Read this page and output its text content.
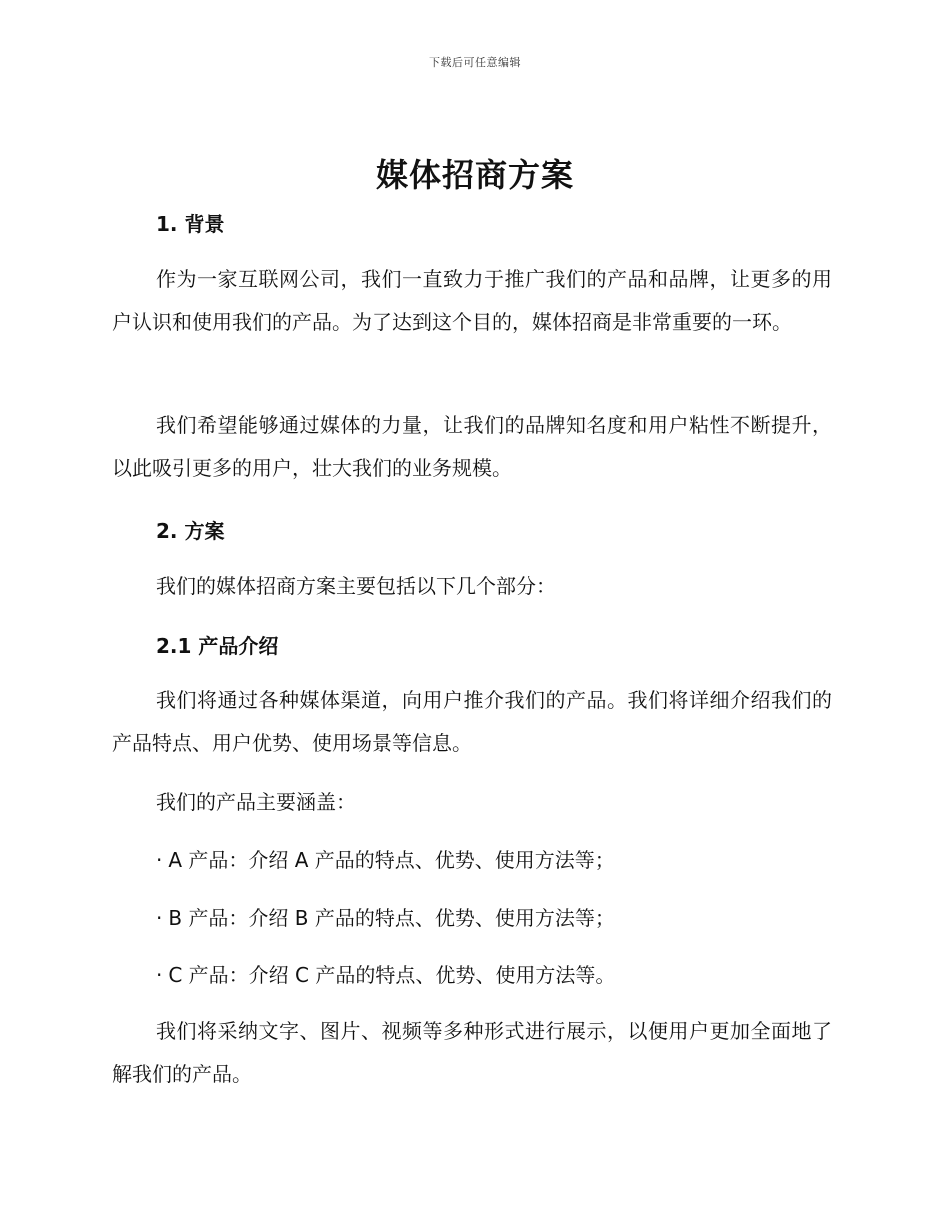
下载后可任意编辑
媒体招商方案
1. 背景

作为一家互联网公司，我们一直致力于推广我们的产品和品牌，让更多的用户认识和使用我们的产品。为了达到这个目的，媒体招商是非常重要的一环。

我们希望能够通过媒体的力量，让我们的品牌知名度和用户粘性不断提升，以此吸引更多的用户，壮大我们的业务规模。

2. 方案

我们的媒体招商方案主要包括以下几个部分：

2.1 产品介绍

我们将通过各种媒体渠道，向用户推介我们的产品。我们将详细介绍我们的产品特点、用户优势、使用场景等信息。

我们的产品主要涵盖：

· A 产品：介绍 A 产品的特点、优势、使用方法等；

· B 产品：介绍 B 产品的特点、优势、使用方法等；

· C 产品：介绍 C 产品的特点、优势、使用方法等。

我们将采纳文字、图片、视频等多种形式进行展示，以便用户更加全面地了解我们的产品。
